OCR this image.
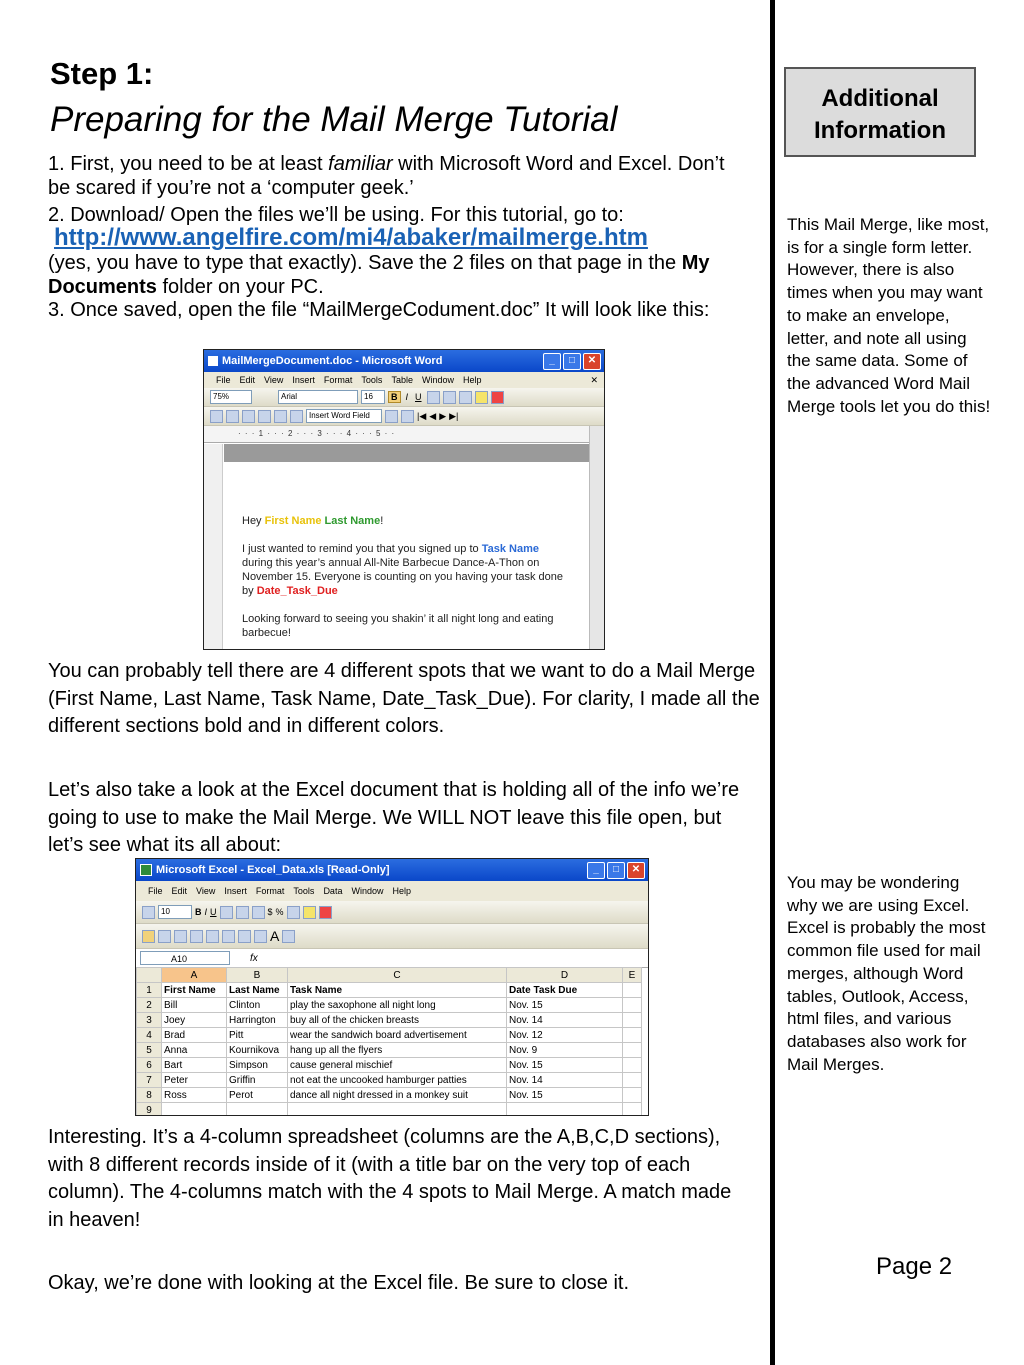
Step 1:
Preparing for the Mail Merge Tutorial
1. First, you need to be at least familiar with Microsoft Word and Excel. Don’t be scared if you’re not a ‘computer geek.’
2. Download/ Open the files we’ll be using. For this tutorial, go to:
http://www.angelfire.com/mi4/abaker/mailmerge.htm
(yes, you have to type that exactly). Save the 2 files on that page in the My Documents folder on your PC.
3. Once saved, open the file “MailMergeCodument.doc” It will look like this:
MailMergeDocument.doc - Microsoft Word	_	□	✕
File Edit View Insert Format Tools Table Window Help	✕
75%	Arial	16	B I U
Insert Word Field	|◀ ◀ ▶ ▶|
· · · 1 · · · 2 · · · 3 · · · 4 · · · 5 · ·
Hey First Name Last Name!
I just wanted to remind you that you signed up to Task Name during this year’s annual All-Nite Barbecue Dance-A-Thon on November 15. Everyone is counting on you having your task done by Date_Task_Due
Looking forward to seeing you shakin’ it all night long and eating barbecue!
You can probably tell there are 4 different spots that we want to do a Mail Merge (First Name, Last Name, Task Name, Date_Task_Due). For clarity, I made all the different sections bold and in different colors.
Let’s also take a look at the Excel document that is holding all of the info we’re going to use to make the Mail Merge. We WILL NOT leave this file open, but let’s see what its all about:
Microsoft Excel - Excel_Data.xls [Read-Only]	_	□	✕
File Edit View Insert Format Tools Data Window Help
10	B I U	$ %
A
A10	fx
	A	B	C	D	E
1	First Name	Last Name	Task Name	Date Task Due	
2	Bill	Clinton	play the saxophone all night long	Nov. 15	
3	Joey	Harrington	buy all of the chicken breasts	Nov. 14	
4	Brad	Pitt	wear the sandwich board advertisement	Nov. 12	
5	Anna	Kournikova	hang up all the flyers	Nov. 9	
6	Bart	Simpson	cause general mischief	Nov. 15	
7	Peter	Griffin	not eat the uncooked hamburger patties	Nov. 14	
8	Ross	Perot	dance all night dressed in a monkey suit	Nov. 15	
9					
Interesting. It’s a 4-column spreadsheet (columns are the A,B,C,D sections), with 8 different records inside of it (with a title bar on the very top of each column). The 4-columns match with the 4 spots to Mail Merge. A match made in heaven!
Okay, we’re done with looking at the Excel file. Be sure to close it.
Additional Information
This Mail Merge, like most, is for a single form letter. However, there is also times when you may want to make an envelope, letter, and note all using the same data. Some of the advanced Word Mail Merge tools let you do this!
You may be wondering why we are using Excel. Excel is probably the most common file used for mail merges, although Word tables, Outlook, Access, html files, and various databases also work for Mail Merges.
Page 2
